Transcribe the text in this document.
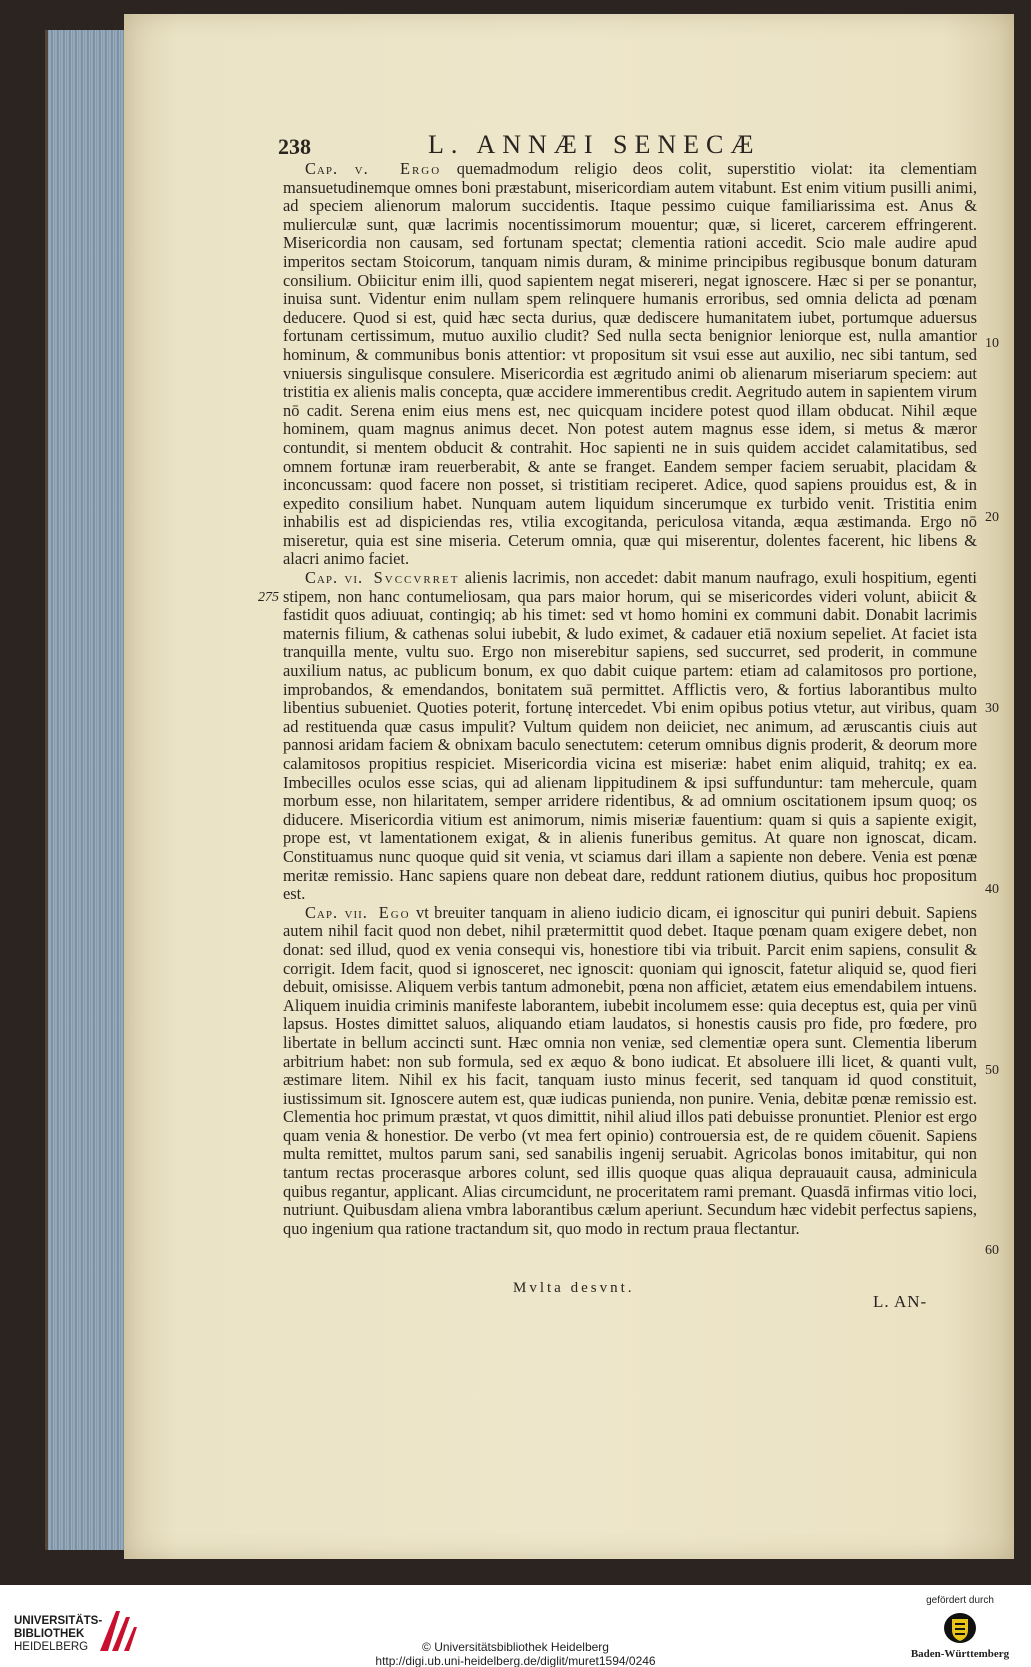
238	L. ANNÆI SENECÆ

Cap. v. Ergo quemadmodum religio deos colit, superstitio violat: ita clementiam mansuetudinemque omnes boni præstabunt, misericordiam autem vitabunt. Est enim vitium pusilli animi, ad speciem alienorum malorum succidentis. Itaque pessimo cuique familiarissima est. Anus & mulierculæ sunt, quæ lacrimis nocentissimorum mouentur; quæ, si liceret, carcerem effringerent. Misericordia non causam, sed fortunam spectat; clementia rationi accedit. Scio male audire apud imperitos sectam Stoicorum, tanquam nimis duram, & minime principibus regibusque bonum daturam consilium. Obiicitur enim illi, quod sapientem negat misereri, negat ignoscere. Hæc si per se ponantur, inuisa sunt. Videntur enim nullam spem relinquere humanis erroribus, sed omnia delicta ad pœnam deducere. Quod si est, quid hæc secta durius, quæ dediscere humanitatem iubet, portumque aduersus fortunam certissimum, mutuo auxilio cludit? Sed nulla secta benignior leniorque est, nulla amantior hominum, & communibus bonis attentior: vt propositum sit vsui esse aut auxilio, nec sibi tantum, sed vniuersis singulisque consulere. Misericordia est ægritudo animi ob alienarum miseriarum speciem: aut tristitia ex alienis malis concepta, quæ accidere immerentibus credit. Aegritudo autem in sapientem virum nō cadit. Serena enim eius mens est, nec quicquam incidere potest quod illam obducat. Nihil æque hominem, quam magnus animus decet. Non potest autem magnus esse idem, si metus & mæror contundit, si mentem obducit & contrahit. Hoc sapienti ne in suis quidem accidet calamitatibus, sed omnem fortunæ iram reuerberabit, & ante se franget. Eandem semper faciem seruabit, placidam & inconcussam: quod facere non posset, si tristitiam reciperet. Adice, quod sapiens prouidus est, & in expedito consilium habet. Nunquam autem liquidum sincerumque ex turbido venit. Tristitia enim inhabilis est ad dispiciendas res, vtilia excogitanda, periculosa vitanda, æqua æstimanda. Ergo nō miseretur, quia est sine miseria. Ceterum omnia, quæ qui miserentur, dolentes facerent, hic libens & alacri animo faciet.

Cap. vi. Svccvrret alienis lacrimis, non accedet: dabit manum naufrago, exuli hospitium, egenti stipem, non hanc contumeliosam, qua pars maior horum, qui se misericordes videri volunt, abiicit & fastidit quos adiuuat, contingiq; ab his timet: sed vt homo homini ex communi dabit. Donabit lacrimis maternis filium, & cathenas solui iubebit, & ludo eximet, & cadauer etiā noxium sepeliet. At faciet ista tranquilla mente, vultu suo. Ergo non miserebitur sapiens, sed succurret, sed proderit, in commune auxilium natus, ac publicum bonum, ex quo dabit cuique partem: etiam ad calamitosos pro portione, improbandos, & emendandos, bonitatem suā permittet. Afflictis vero, & fortius laborantibus multo libentius subueniet. Quoties poterit, fortunę intercedet. Vbi enim opibus potius vtetur, aut viribus, quam ad restituenda quæ casus impulit? Vultum quidem non deiiciet, nec animum, ad æruscantis ciuis aut pannosi aridam faciem & obnixam baculo senectutem: ceterum omnibus dignis proderit, & deorum more calamitosos propitius respiciet. Misericordia vicina est miseriæ: habet enim aliquid, trahitq; ex ea. Imbecilles oculos esse scias, qui ad alienam lippitudinem & ipsi suffunduntur: tam mehercule, quam morbum esse, non hilaritatem, semper arridere ridentibus, & ad omnium oscitationem ipsum quoq; os diducere. Misericordia vitium est animorum, nimis miseriæ fauentium: quam si quis a sapiente exigit, prope est, vt lamentationem exigat, & in alienis funeribus gemitus. At quare non ignoscat, dicam. Constituamus nunc quoque quid sit venia, vt sciamus dari illam a sapiente non debere. Venia est pœnæ meritæ remissio. Hanc sapiens quare non debeat dare, reddunt rationem diutius, quibus hoc propositum est.

Cap. vii. Ego vt breuiter tanquam in alieno iudicio dicam, ei ignoscitur qui puniri debuit. Sapiens autem nihil facit quod non debet, nihil prætermittit quod debet. Itaque pœnam quam exigere debet, non donat: sed illud, quod ex venia consequi vis, honestiore tibi via tribuit. Parcit enim sapiens, consulit & corrigit. Idem facit, quod si ignosceret, nec ignoscit: quoniam qui ignoscit, fatetur aliquid se, quod fieri debuit, omisisse. Aliquem verbis tantum admonebit, pœna non afficiet, ætatem eius emendabilem intuens. Aliquem inuidia criminis manifeste laborantem, iubebit incolumem esse: quia deceptus est, quia per vinū lapsus. Hostes dimittet saluos, aliquando etiam laudatos, si honestis causis pro fide, pro fœdere, pro libertate in bellum accincti sunt. Hæc omnia non veniæ, sed clementiæ opera sunt. Clementia liberum arbitrium habet: non sub formula, sed ex æquo & bono iudicat. Et absoluere illi licet, & quanti vult, æstimare litem. Nihil ex his facit, tanquam iusto minus fecerit, sed tanquam id quod constituit, iustissimum sit. Ignoscere autem est, quæ iudicas punienda, non punire. Venia, debitæ pœnæ remissio est. Clementia hoc primum præstat, vt quos dimittit, nihil aliud illos pati debuisse pronuntiet. Plenior est ergo quam venia & honestior. De verbo (vt mea fert opinio) controuersia est, de re quidem cōuenit. Sapiens multa remittet, multos parum sani, sed sanabilis ingenij seruabit. Agricolas bonos imitabitur, qui non tantum rectas procerasque arbores colunt, sed illis quoque quas aliqua deprauauit causa, adminicula quibus regantur, applicant. Alias circumcidunt, ne proceritatem rami premant. Quasdā infirmas vitio loci, nutriunt. Quibusdam aliena vmbra laborantibus cælum aperiunt. Secundum hæc videbit perfectus sapiens, quo ingenium qua ratione tractandum sit, quo modo in rectum praua flectantur.

10
20
30
40
50
60
275
Mvlta desvnt.
L. AN-
UNIVERSITÄTS-
BIBLIOTHEK
HEIDELBERG	© Universitätsbibliothek Heidelberg
http://digi.ub.uni-heidelberg.de/diglit/muret1594/0246
gefördert durch
Baden-Württemberg
